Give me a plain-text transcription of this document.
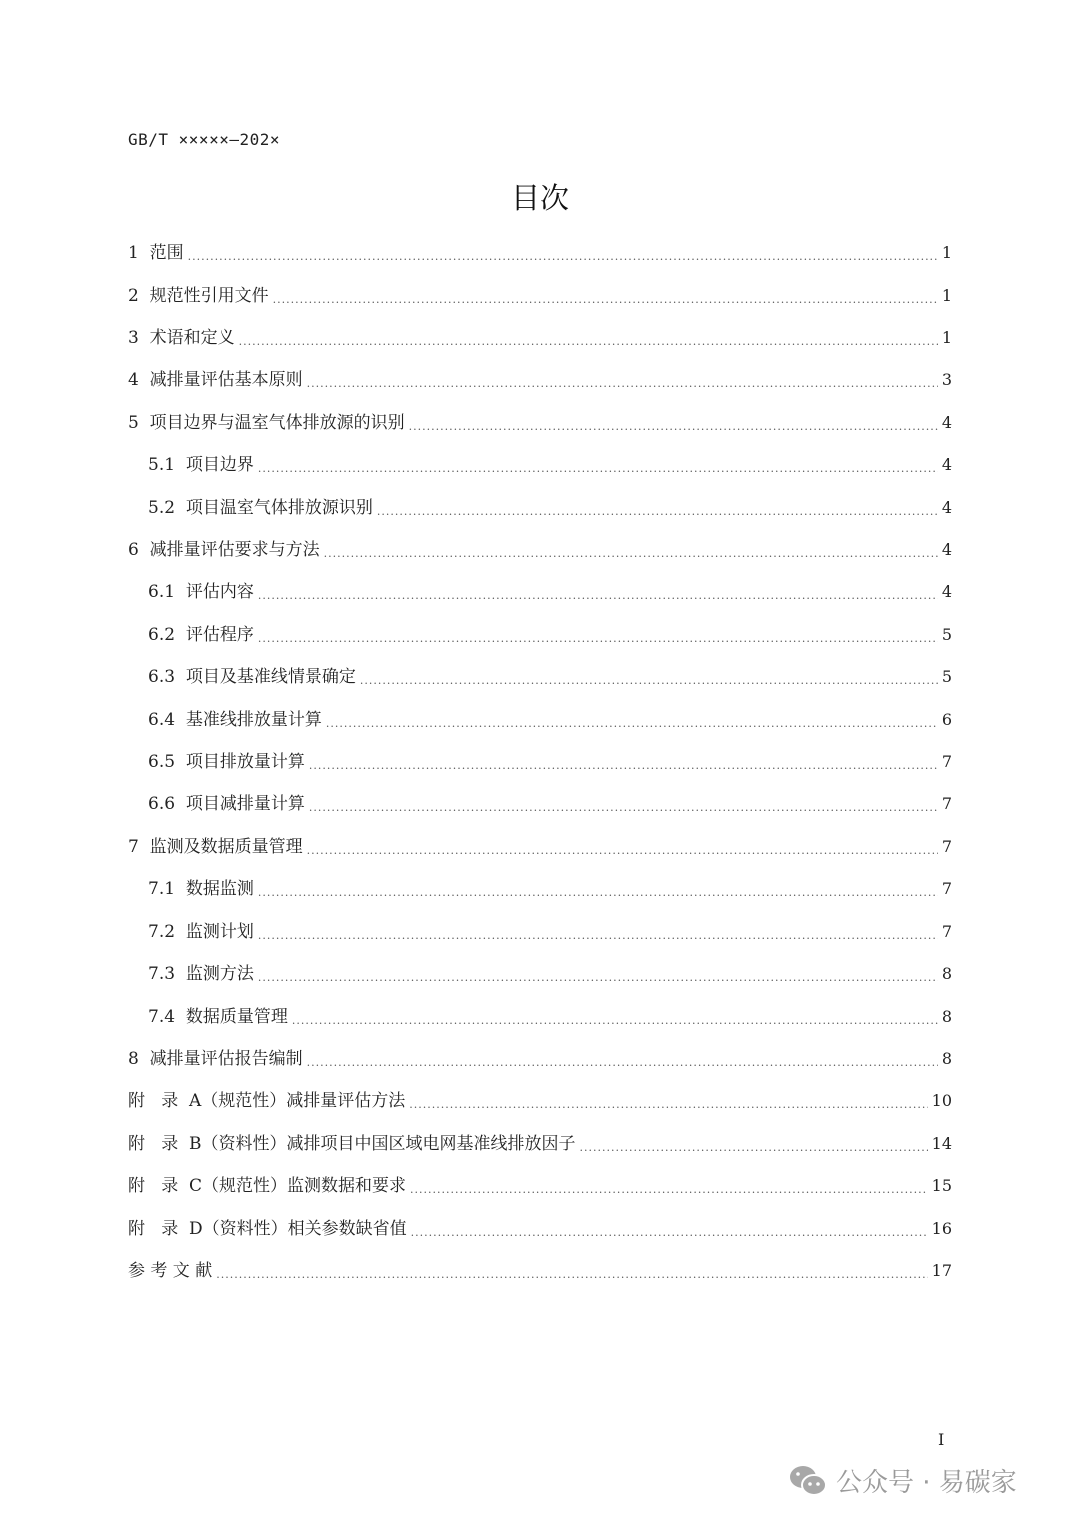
GB/T ×××××—202×
目次
1  范围 .....	1
2  规范性引用文件 .....	1
3  术语和定义 .....	1
4  减排量评估基本原则 .....	3
5  项目边界与温室气体排放源的识别 .....	4
5.1  项目边界 .....	4
5.2  项目温室气体排放源识别 .....	4
6  减排量评估要求与方法 .....	4
6.1  评估内容 .....	4
6.2  评估程序 .....	5
6.3  项目及基准线情景确定 .....	5
6.4  基准线排放量计算 .....	6
6.5  项目排放量计算 .....	7
6.6  项目减排量计算 .....	7
7  监测及数据质量管理 .....	7
7.1  数据监测 .....	7
7.2  监测计划 .....	7
7.3  监测方法 .....	8
7.4  数据质量管理 .....	8
8  减排量评估报告编制 .....	8
附   录  A（规范性）减排量评估方法 .....	10
附   录  B（资料性）减排项目中国区域电网基准线排放因子 .....	14
附   录  C（规范性）监测数据和要求 .....	15
附   录  D（资料性）相关参数缺省值 .....	16
参 考 文 献 .....	17
I
公众号 · 易碳家
